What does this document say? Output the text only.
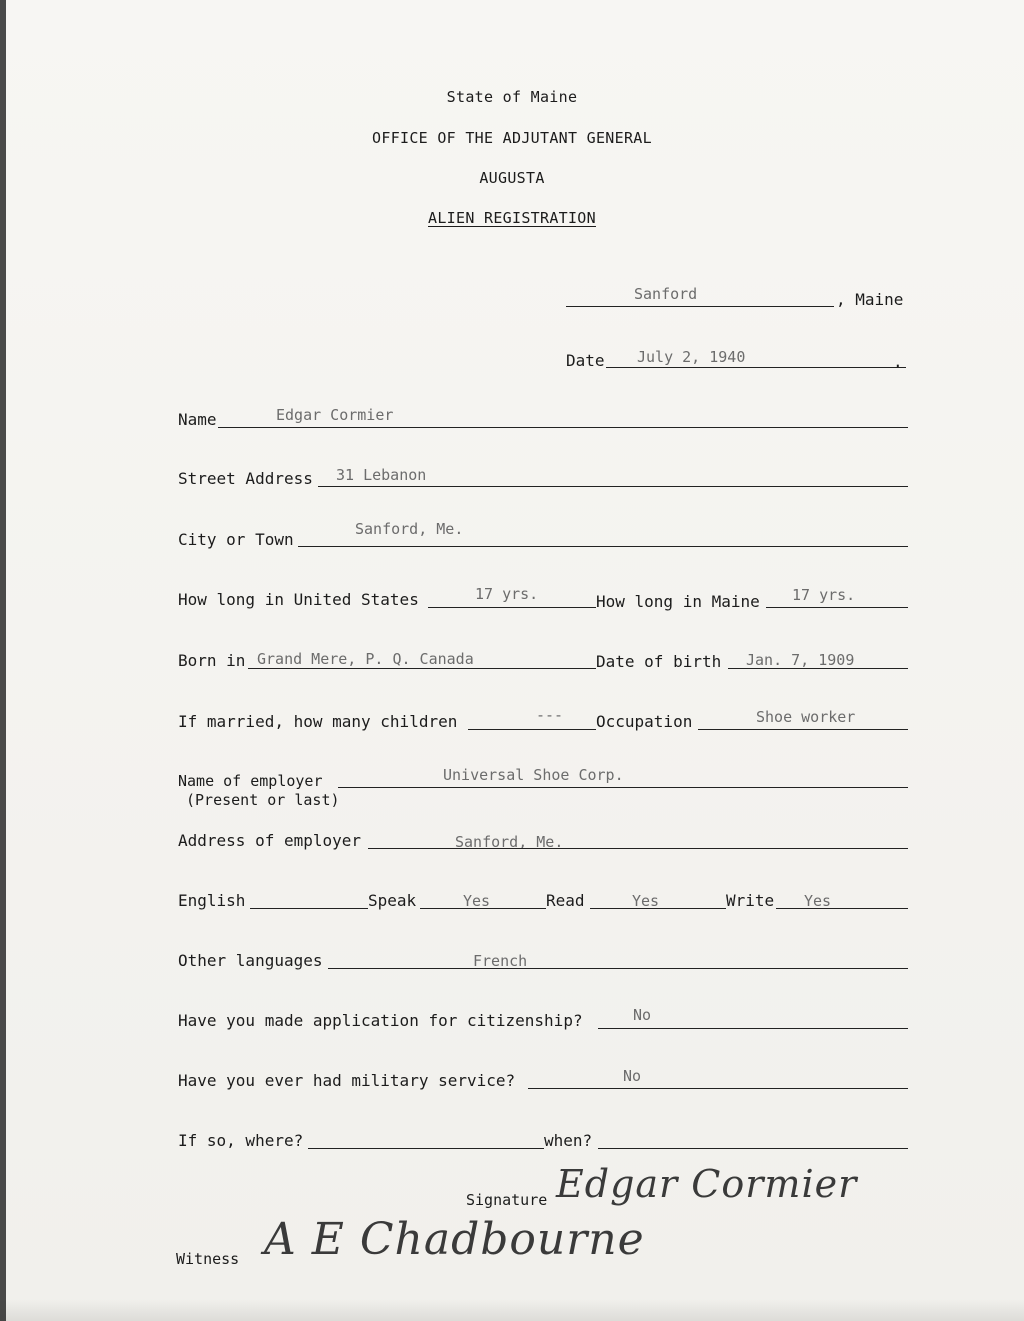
State of Maine
OFFICE OF THE ADJUTANT GENERAL
AUGUSTA
ALIEN REGISTRATION
Sanford	, Maine
Date July 2, 1940	.
Name	Edgar Cormier
Street Address 31 Lebanon
City or Town
Sanford, Me.
How long in United States	17 yrs.	How long in Maine 17 yrs.
Born in Grand Mere, P. Q. Canada	Date of birth Jan. 7, 1909
If married, how many children	--- Occupation	Shoe worker
Name of employer
(Present or last)
Universal Shoe Corp.
Address of employer	Sanford, Me.
English	Speak	Yes	Read	Yes	Write Yes
Other languages	French
Have you made application for citizenship?	No
Have you ever had military service?	No
If so, where?	when?
Signature Edgar Cormier
Witness A E Chadbourne
